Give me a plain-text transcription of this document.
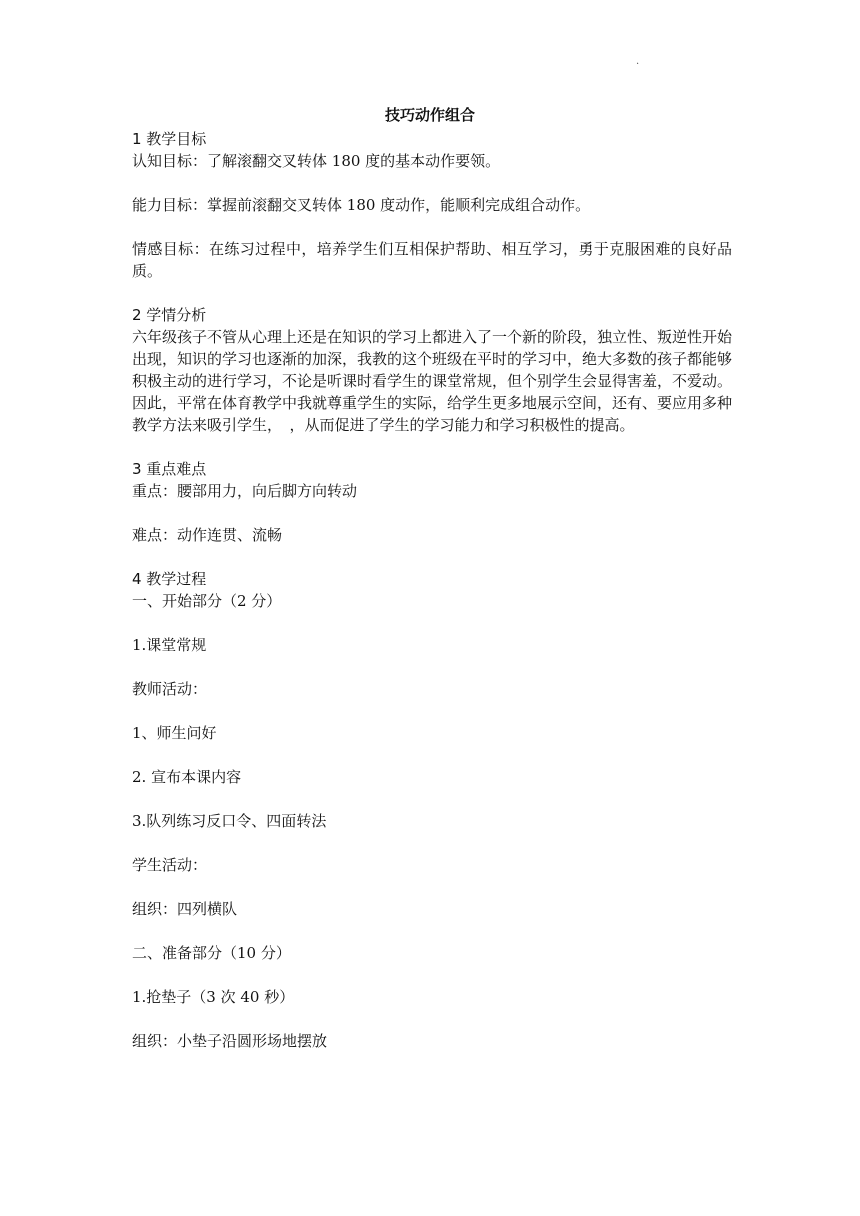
.
技巧动作组合

1 教学目标

认知目标：了解滚翻交叉转体 180 度的基本动作要领。

能力目标：掌握前滚翻交叉转体 180 度动作，能顺利完成组合动作。

情感目标：在练习过程中，培养学生们互相保护帮助、相互学习，勇于克服困难的良好品质。

2 学情分析

六年级孩子不管从心理上还是在知识的学习上都进入了一个新的阶段，独立性、叛逆性开始出现，知识的学习也逐渐的加深，我教的这个班级在平时的学习中，绝大多数的孩子都能够积极主动的进行学习，不论是听课时看学生的课堂常规，但个别学生会显得害羞，不爱动。因此，平常在体育教学中我就尊重学生的实际，给学生更多地展示空间，还有、要应用多种教学方法来吸引学生，　，从而促进了学生的学习能力和学习积极性的提高。

3 重点难点

重点：腰部用力，向后脚方向转动

难点：动作连贯、流畅

4 教学过程

一、开始部分（2 分）

1.课堂常规

教师活动：

1、师生问好

2. 宣布本课内容

3.队列练习反口令、四面转法

学生活动：

组织：四列横队

二、准备部分（10 分）

1.抢垫子（3 次 40 秒）

组织：小垫子沿圆形场地摆放
